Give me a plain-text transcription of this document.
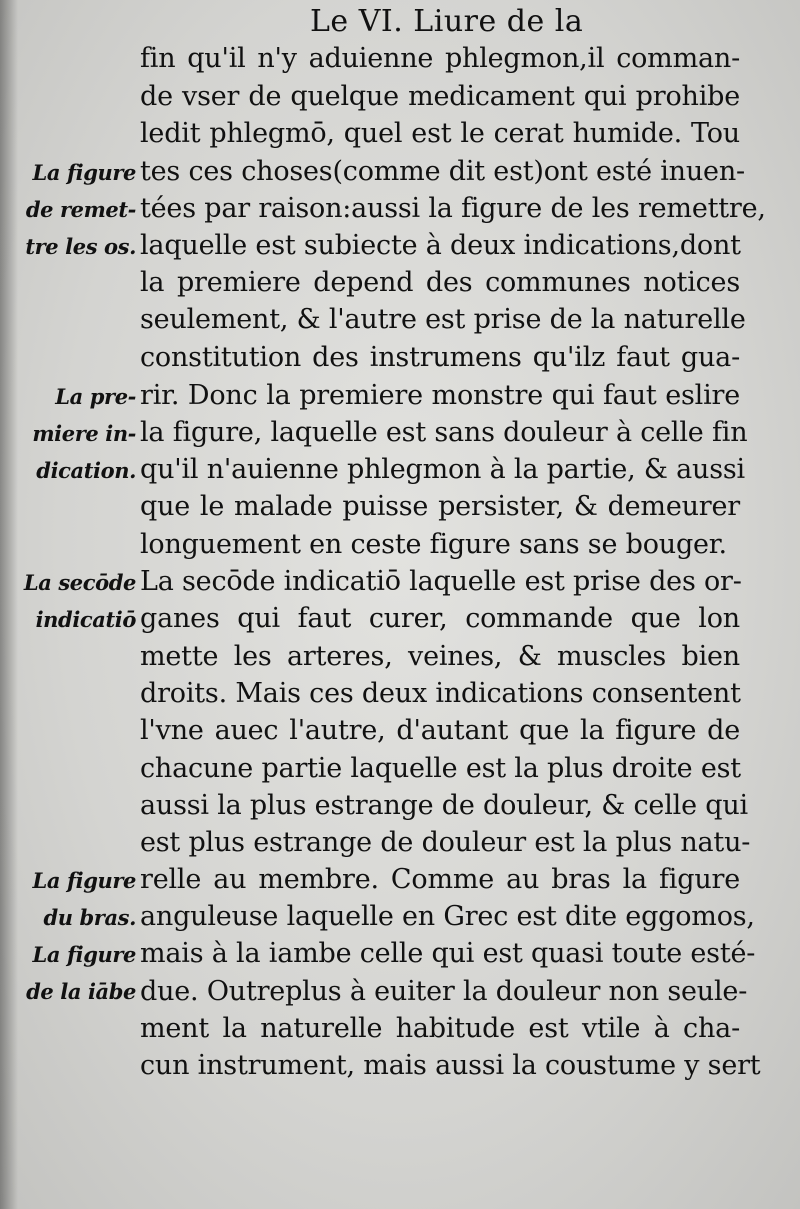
Le VI. Liure de la
fin qu'il n'y aduienne phlegmon,il comman-
de vser de quelque medicament qui prohibe
ledit phlegmō, quel est le cerat humide. Tou
tes ces choses(comme dit est)ont esté inuen-
tées par raison:aussi la figure de les remettre,
laquelle est subiecte à deux indications,dont
la premiere depend des communes notices
seulement, & l'autre est prise de la naturelle
constitution des instrumens qu'ilz faut gua-
rir. Donc la premiere monstre qui faut eslire
la figure, laquelle est sans douleur à celle fin
qu'il n'auienne phlegmon à la partie, & aussi
que le malade puisse persister, & demeurer
longuement en ceste figure sans se bouger.
La secōde indicatiō laquelle est prise des or-
ganes qui faut curer, commande que lon
mette les arteres, veines, & muscles bien
droits. Mais ces deux indications consentent
l'vne auec l'autre, d'autant que la figure de
chacune partie laquelle est la plus droite est
aussi la plus estrange de douleur, & celle qui
est plus estrange de douleur est la plus natu-
relle au membre. Comme au bras la figure
anguleuse laquelle en Grec est dite eggomos,
mais à la iambe celle qui est quasi toute esté-
due. Outreplus à euiter la douleur non seule-
ment la naturelle habitude est vtile à cha-
cun instrument, mais aussi la coustume y sert
La figure
de remet-
tre les os.
La pre-
miere in-
dication.
La secōde
indicatiō
La figure
du bras.
La figure
de la iābe
